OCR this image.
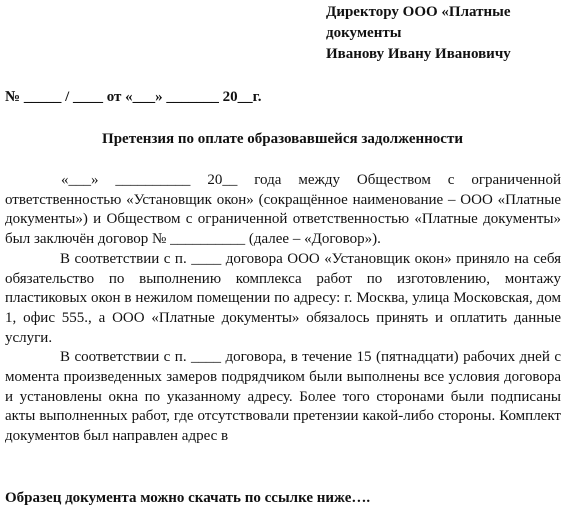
Директору ООО «Платные
документы
Иванову Ивану Ивановичу
№ _____ / ____ от «___» _______ 20__г.
Претензия по оплате образовавшейся задолженности

«___» __________ 20__ года между Обществом с ограниченной ответственностью «Установщик окон» (сокращённое наименование – ООО «Платные документы») и Обществом с ограниченной ответственностью «Платные документы» был заключён договор № __________ (далее – «Договор»).

В соответствии с п. ____ договора ООО «Установщик окон» приняло на себя обязательство по выполнению комплекса работ по изготовлению, монтажу пластиковых окон в нежилом помещении по адресу: г. Москва, улица Московская, дом 1, офис 555., а ООО «Платные документы» обязалось принять и оплатить данные услуги.

В соответствии с п. ____ договора, в течение 15 (пятнадцати) рабочих дней с момента произведенных замеров подрядчиком были выполнены все условия договора и установлены окна по указанному адресу. Более того сторонами были подписаны акты выполненных работ, где отсутствовали претензии какой-либо стороны. Комплект документов был направлен адрес в

Образец документа можно скачать по ссылке ниже….
